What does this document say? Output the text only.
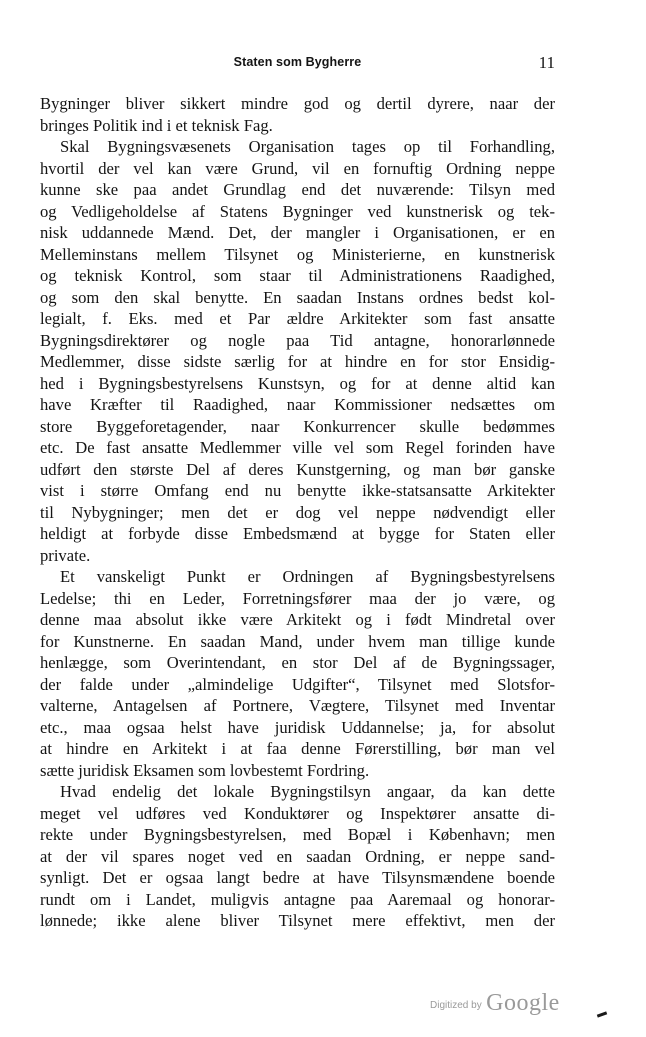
Staten som Bygherre	11
Bygninger bliver sikkert mindre god og dertil dyrere, naar der
bringes Politik ind i et teknisk Fag.
Skal Bygningsvæsenets Organisation tages op til Forhandling,
hvortil der vel kan være Grund, vil en fornuftig Ordning neppe
kunne ske paa andet Grundlag end det nuværende: Tilsyn med
og Vedligeholdelse af Statens Bygninger ved kunstnerisk og tek-
nisk uddannede Mænd. Det, der mangler i Organisationen, er en
Melleminstans mellem Tilsynet og Ministerierne, en kunstnerisk
og teknisk Kontrol, som staar til Administrationens Raadighed,
og som den skal benytte. En saadan Instans ordnes bedst kol-
legialt, f. Eks. med et Par ældre Arkitekter som fast ansatte
Bygningsdirektører og nogle paa Tid antagne, honorarlønnede
Medlemmer, disse sidste særlig for at hindre en for stor Ensidig-
hed i Bygningsbestyrelsens Kunstsyn, og for at denne altid kan
have Kræfter til Raadighed, naar Kommissioner nedsættes om
store Byggeforetagender, naar Konkurrencer skulle bedømmes
etc. De fast ansatte Medlemmer ville vel som Regel forinden have
udført den største Del af deres Kunstgerning, og man bør ganske
vist i større Omfang end nu benytte ikke-statsansatte Arkitekter
til Nybygninger; men det er dog vel neppe nødvendigt eller
heldigt at forbyde disse Embedsmænd at bygge for Staten eller
private.
Et vanskeligt Punkt er Ordningen af Bygningsbestyrelsens
Ledelse; thi en Leder, Forretningsfører maa der jo være, og
denne maa absolut ikke være Arkitekt og i født Mindretal over
for Kunstnerne. En saadan Mand, under hvem man tillige kunde
henlægge, som Overintendant, en stor Del af de Bygningssager,
der falde under „almindelige Udgifter“, Tilsynet med Slotsfor-
valterne, Antagelsen af Portnere, Vægtere, Tilsynet med Inventar
etc., maa ogsaa helst have juridisk Uddannelse; ja, for absolut
at hindre en Arkitekt i at faa denne Førerstilling, bør man vel
sætte juridisk Eksamen som lovbestemt Fordring.
Hvad endelig det lokale Bygningstilsyn angaar, da kan dette
meget vel udføres ved Konduktører og Inspektører ansatte di-
rekte under Bygningsbestyrelsen, med Bopæl i København; men
at der vil spares noget ved en saadan Ordning, er neppe sand-
synligt. Det er ogsaa langt bedre at have Tilsynsmændene boende
rundt om i Landet, muligvis antagne paa Aaremaal og honorar-
lønnede; ikke alene bliver Tilsynet mere effektivt, men der
Digitized by Google
